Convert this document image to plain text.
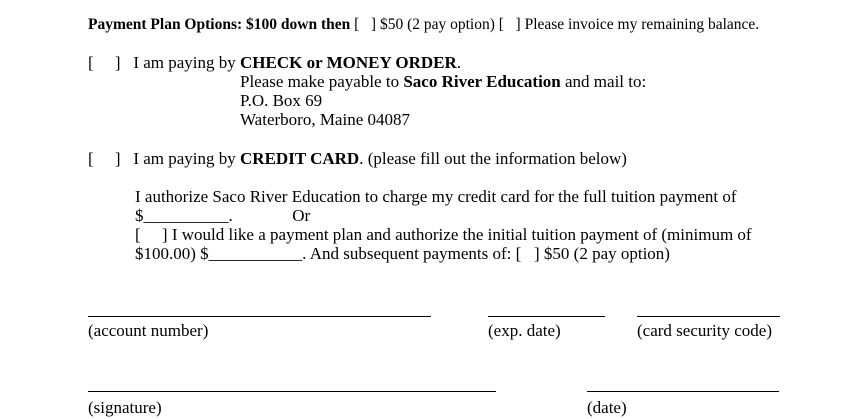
Payment Plan Options: $100 down then [   ] $50 (2 pay option) [   ] Please invoice my remaining balance.
[     ]   I am paying by CHECK or MONEY ORDER.
Please make payable to Saco River Education and mail to:
P.O. Box 69
Waterboro, Maine 04087
[     ]   I am paying by CREDIT CARD. (please fill out the information below)
I authorize Saco River Education to charge my credit card for the full tuition payment of
$__________.              Or
[     ] I would like a payment plan and authorize the initial tuition payment of (minimum of
$100.00) $___________. And subsequent payments of: [   ] $50 (2 pay option)
(account number)	(exp. date)	(card security code)
(signature)	(date)
